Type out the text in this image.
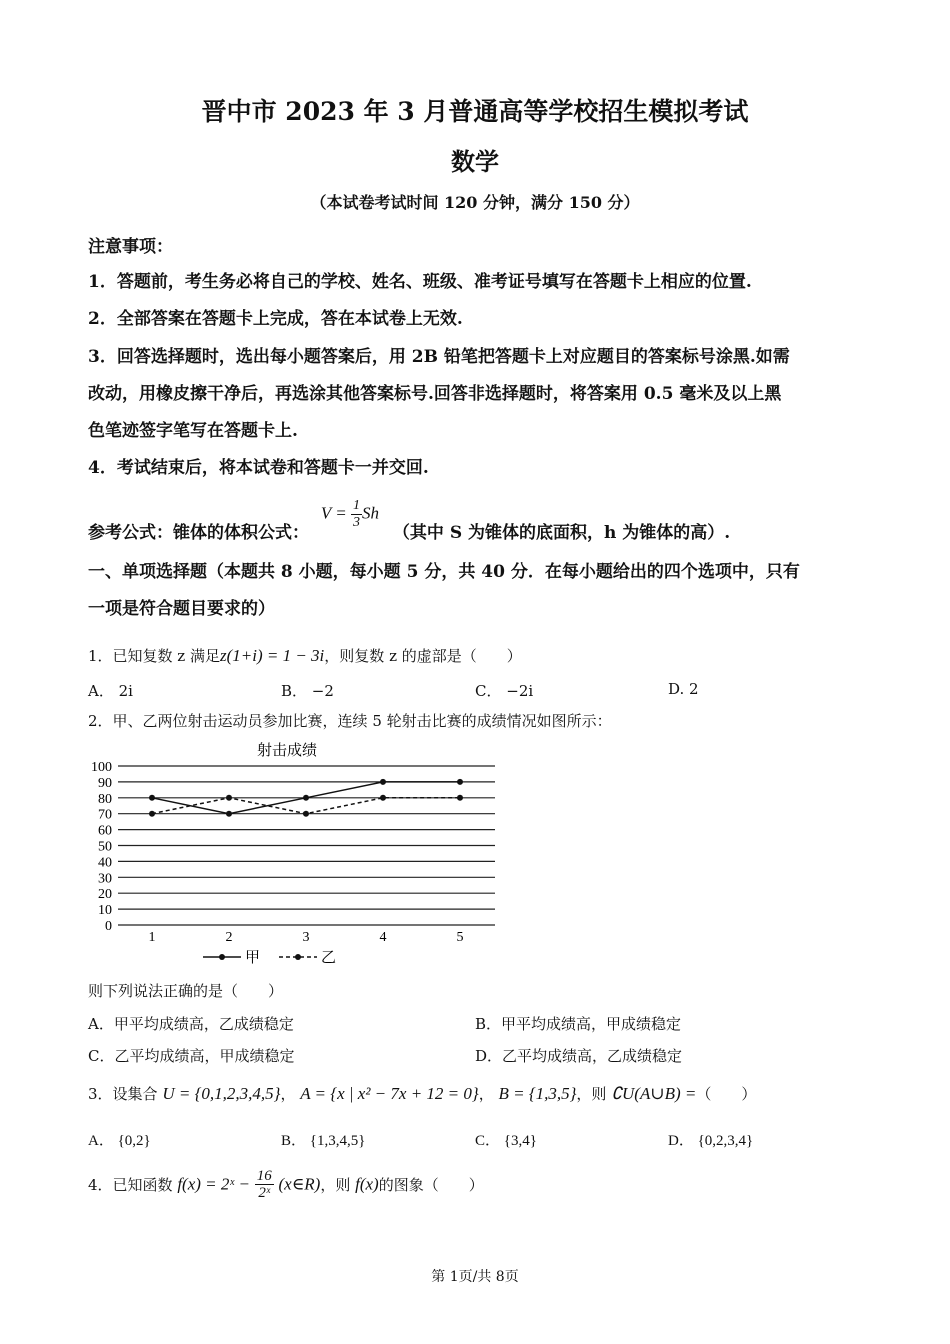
晋中市 2023 年 3 月普通高等学校招生模拟考试
数学
（本试卷考试时间 120 分钟，满分 150 分）
注意事项：
1．答题前，考生务必将自己的学校、姓名、班级、准考证号填写在答题卡上相应的位置.
2．全部答案在答题卡上完成，答在本试卷上无效.
3．回答选择题时，选出每小题答案后，用 2B 铅笔把答题卡上对应题目的答案标号涂黑.如需
改动，用橡皮擦干净后，再选涂其他答案标号.回答非选择题时，将答案用 0.5 毫米及以上黑
色笔迹签字笔写在答题卡上.
4．考试结束后，将本试卷和答题卡一并交回.
参考公式：锥体的体积公式： $V = \frac{1}{3}$ Sh （其中 S 为锥体的底面积，h 为锥体的高）.
一、单项选择题（本题共 8 小题，每小题 5 分，共 40 分．在每小题给出的四个选项中，只有
一项是符合题目要求的）
1．已知复数 z 满足z(1+i) = 1 − 3i，则复数 z 的虚部是（　　）
A． 2i	B． −2	C． −2i	D. 2
2．甲、乙两位射击运动员参加比赛，连续 5 轮射击比赛的成绩情况如图所示：
射击成绩
0
10
20
30
40
50
60
70
80
90
100
1	2	3	4	5
甲	乙
则下列说法正确的是（　　）
A．甲平均成绩高，乙成绩稳定	B．甲平均成绩高，甲成绩稳定
C．乙平均成绩高，甲成绩稳定	D．乙平均成绩高，乙成绩稳定
3．设集合 U = {0,1,2,3,4,5}， A = {x | x² − 7x + 12 = 0}， B = {1,3,5}，则 ∁U(A∪B) =（　　）
A． {0,2}	B． {1,3,4,5}	C． {3,4}	D． {0,2,3,4}
4．已知函数 f(x) = 2ˣ − $\frac{16}{\text{2ˣ}}$ (x∈R)，则 f(x)的图象（　　）
第 1页/共 8页
